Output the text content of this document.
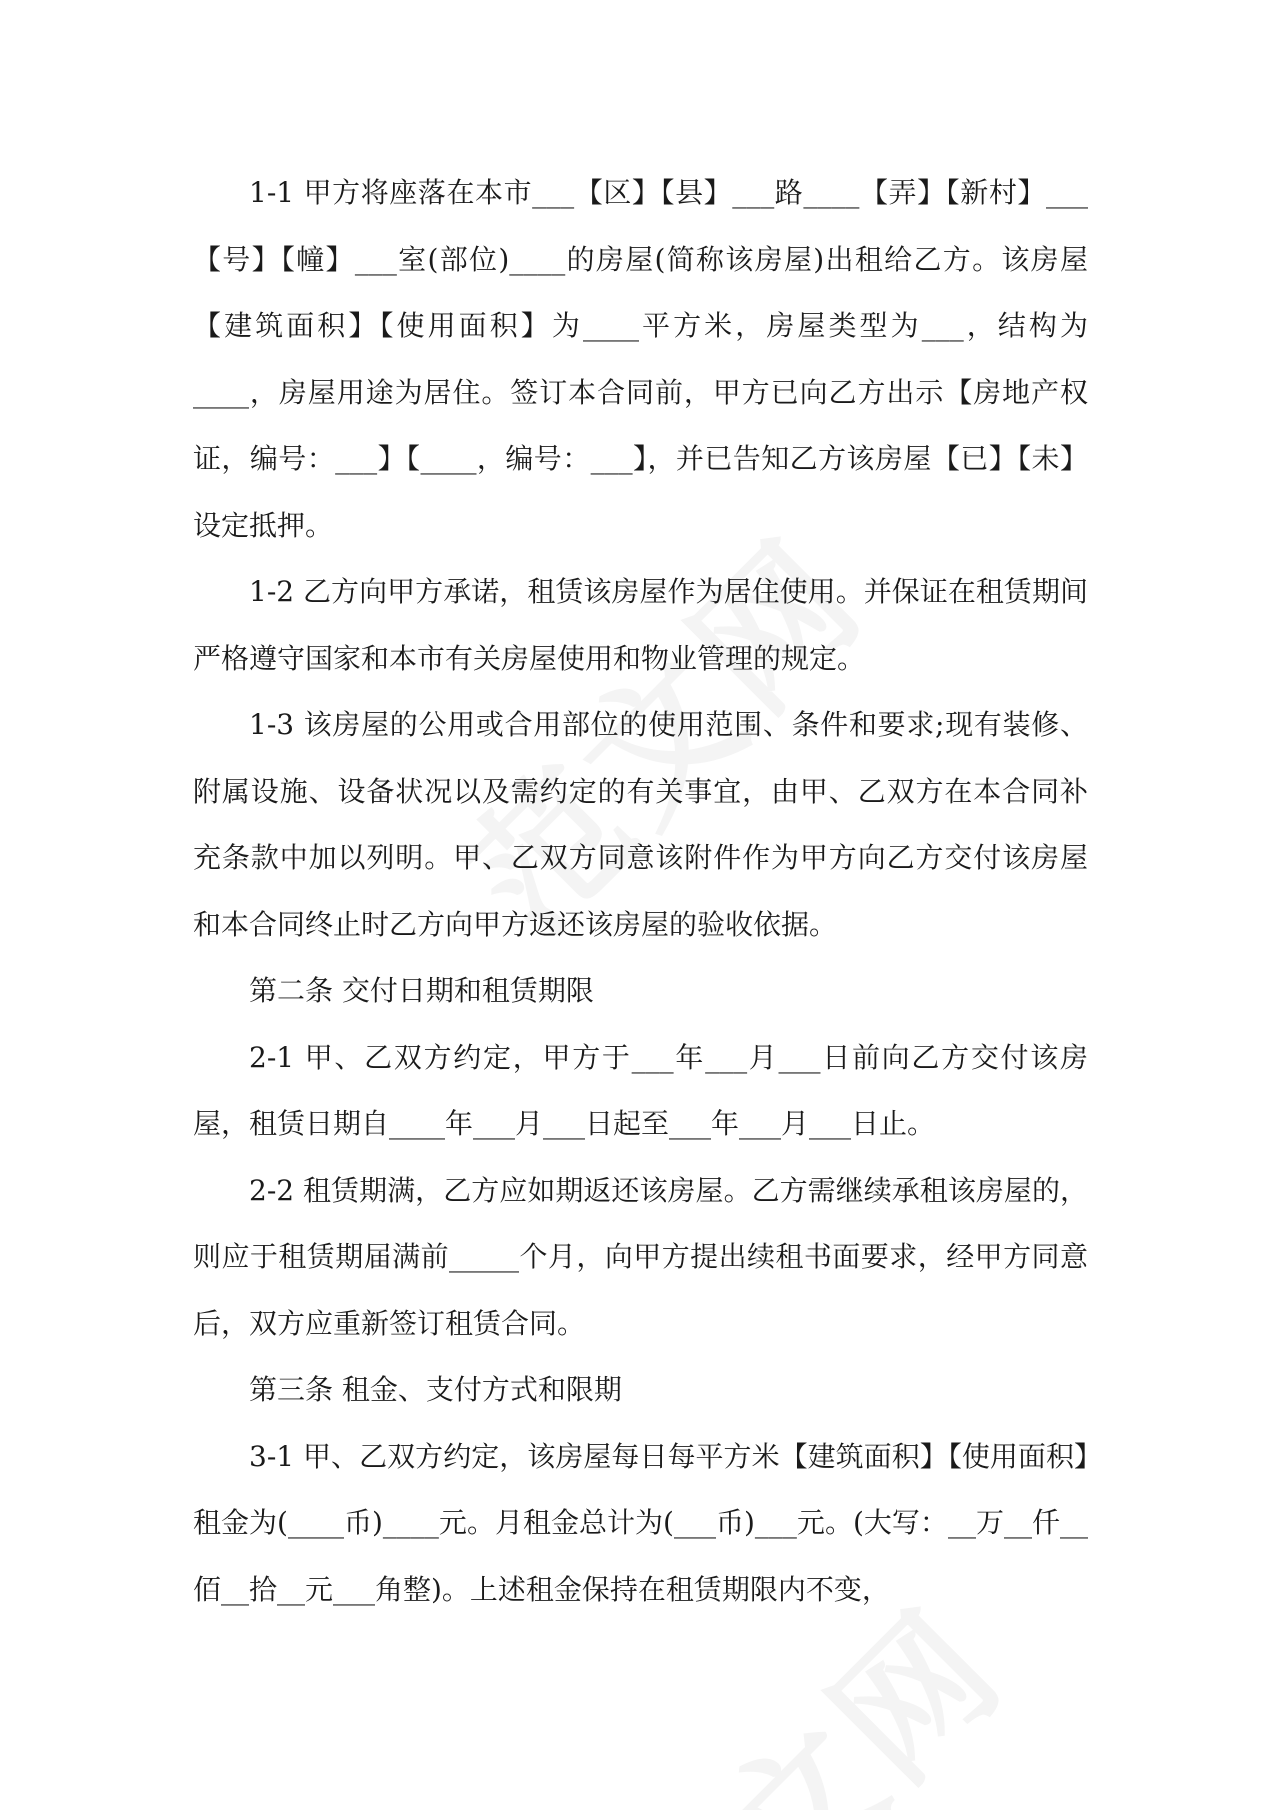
1-1 甲方将座落在本市___【区】【县】___路____【弄】【新村】___【号】【幢】___室(部位)____的房屋(简称该房屋)出租给乙方。该房屋【建筑面积】【使用面积】为____平方米，房屋类型为___，结构为____，房屋用途为居住。签订本合同前，甲方已向乙方出示【房地产权证，编号：___】【____，编号：___】，并已告知乙方该房屋【已】【未】设定抵押。

1-2 乙方向甲方承诺，租赁该房屋作为居住使用。并保证在租赁期间严格遵守国家和本市有关房屋使用和物业管理的规定。

1-3 该房屋的公用或合用部位的使用范围、条件和要求;现有装修、附属设施、设备状况以及需约定的有关事宜，由甲、乙双方在本合同补充条款中加以列明。甲、乙双方同意该附件作为甲方向乙方交付该房屋和本合同终止时乙方向甲方返还该房屋的验收依据。

第二条 交付日期和租赁期限

2-1 甲、乙双方约定，甲方于___年___月___日前向乙方交付该房屋，租赁日期自____年___月___日起至___年___月___日止。

2-2 租赁期满，乙方应如期返还该房屋。乙方需继续承租该房屋的，则应于租赁期届满前_____个月，向甲方提出续租书面要求，经甲方同意后，双方应重新签订租赁合同。

第三条 租金、支付方式和限期

3-1 甲、乙双方约定，该房屋每日每平方米【建筑面积】【使用面积】租金为(____币)____元。月租金总计为(___币)___元。(大写：__万__仟__佰__拾__元___角整)。上述租金保持在租赁期限内不变，
